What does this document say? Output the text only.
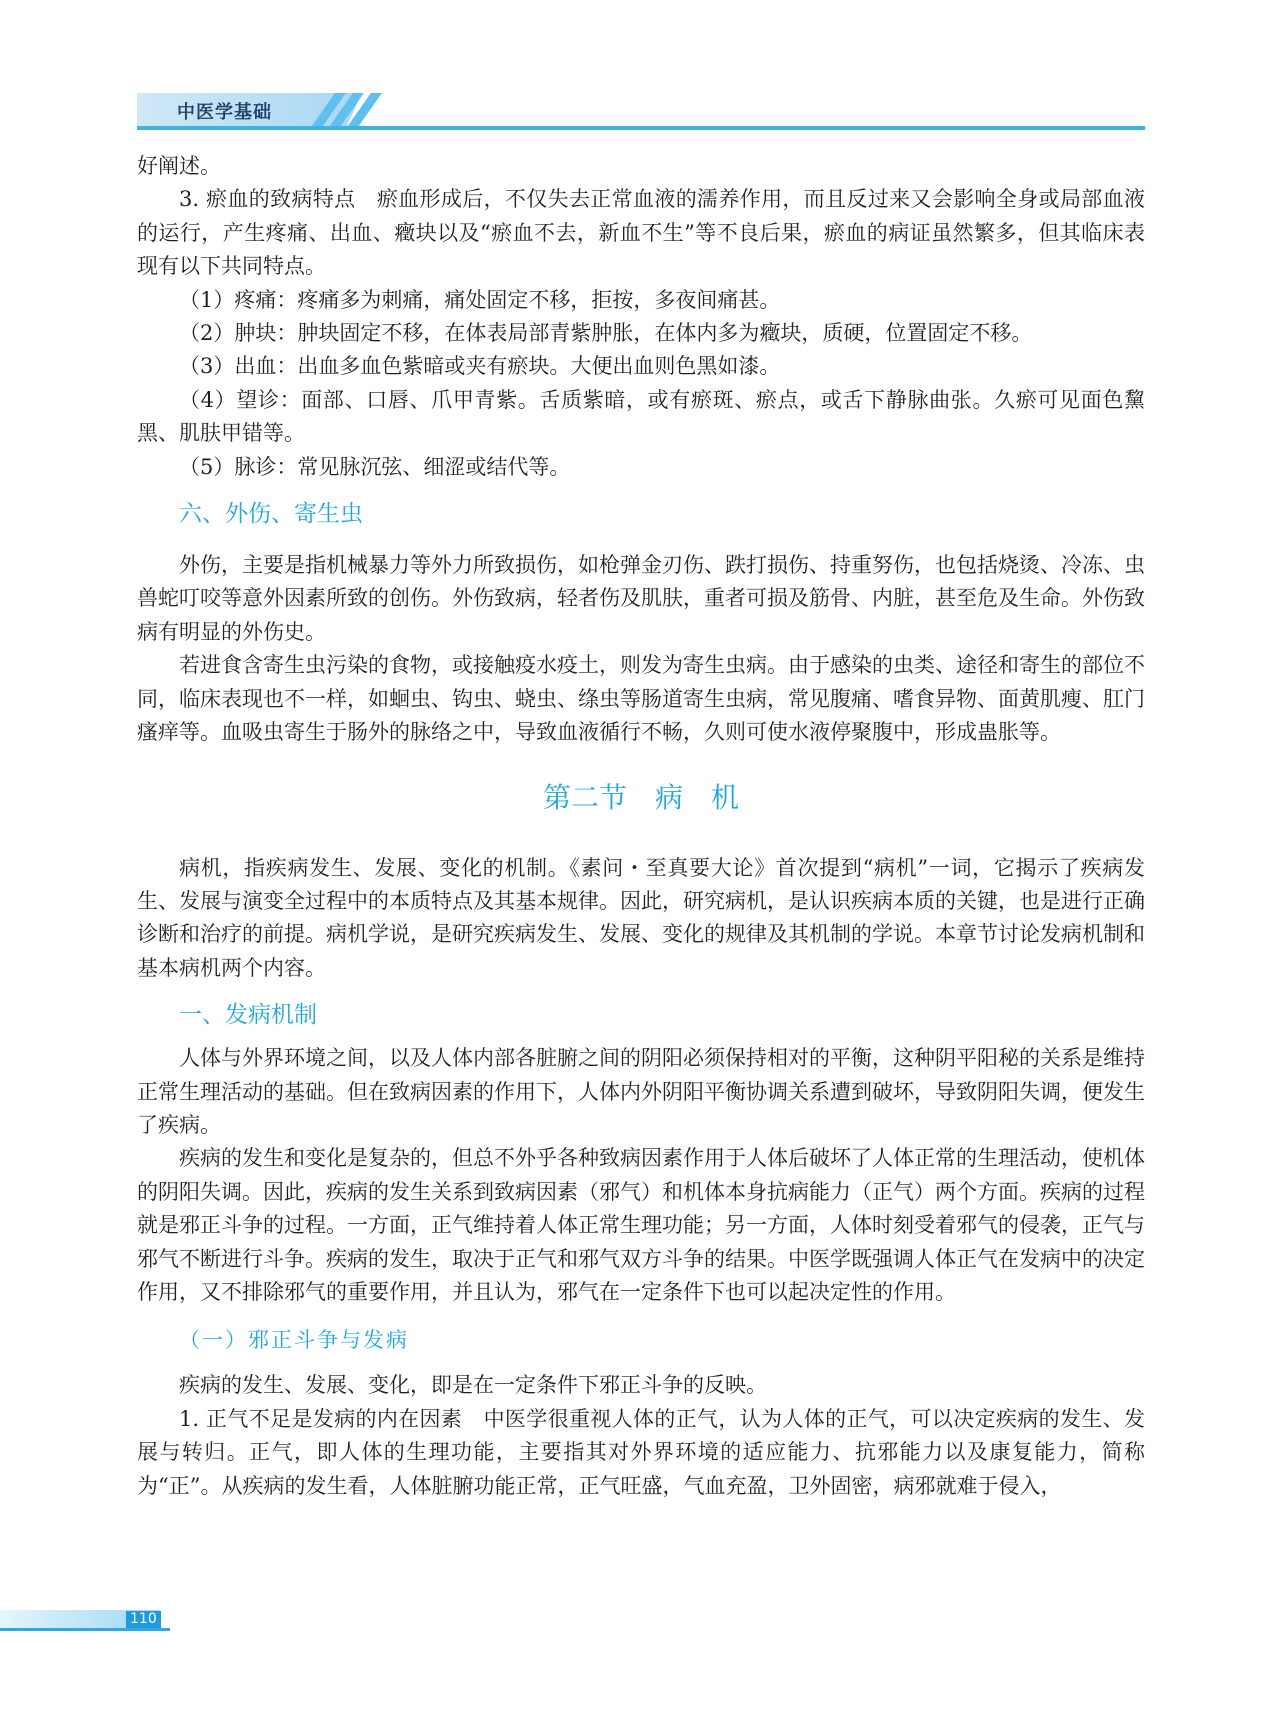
中医学基础

好阐述。

3. 瘀血的致病特点　瘀血形成后，不仅失去正常血液的濡养作用，而且反过来又会影响全身或局部血液的运行，产生疼痛、出血、癥块以及“瘀血不去，新血不生”等不良后果，瘀血的病证虽然繁多，但其临床表现有以下共同特点。

（1）疼痛：疼痛多为刺痛，痛处固定不移，拒按，多夜间痛甚。

（2）肿块：肿块固定不移，在体表局部青紫肿胀，在体内多为癥块，质硬，位置固定不移。

（3）出血：出血多血色紫暗或夹有瘀块。大便出血则色黑如漆。

（4）望诊：面部、口唇、爪甲青紫。舌质紫暗，或有瘀斑、瘀点，或舌下静脉曲张。久瘀可见面色黧黑、肌肤甲错等。

（5）脉诊：常见脉沉弦、细涩或结代等。

六、外伤、寄生虫

外伤，主要是指机械暴力等外力所致损伤，如枪弹金刃伤、跌打损伤、持重努伤，也包括烧烫、冷冻、虫兽蛇叮咬等意外因素所致的创伤。外伤致病，轻者伤及肌肤，重者可损及筋骨、内脏，甚至危及生命。外伤致病有明显的外伤史。

若进食含寄生虫污染的食物，或接触疫水疫土，则发为寄生虫病。由于感染的虫类、途径和寄生的部位不同，临床表现也不一样，如蛔虫、钩虫、蛲虫、绦虫等肠道寄生虫病，常见腹痛、嗜食异物、面黄肌瘦、肛门瘙痒等。血吸虫寄生于肠外的脉络之中，导致血液循行不畅，久则可使水液停聚腹中，形成蛊胀等。

第二节　病　机

病机，指疾病发生、发展、变化的机制。《素问・至真要大论》首次提到“病机”一词，它揭示了疾病发生、发展与演变全过程中的本质特点及其基本规律。因此，研究病机，是认识疾病本质的关键，也是进行正确诊断和治疗的前提。病机学说，是研究疾病发生、发展、变化的规律及其机制的学说。本章节讨论发病机制和基本病机两个内容。

一、发病机制

人体与外界环境之间，以及人体内部各脏腑之间的阴阳必须保持相对的平衡，这种阴平阳秘的关系是维持正常生理活动的基础。但在致病因素的作用下，人体内外阴阳平衡协调关系遭到破坏，导致阴阳失调，便发生了疾病。

疾病的发生和变化是复杂的，但总不外乎各种致病因素作用于人体后破坏了人体正常的生理活动，使机体的阴阳失调。因此，疾病的发生关系到致病因素（邪气）和机体本身抗病能力（正气）两个方面。疾病的过程就是邪正斗争的过程。一方面，正气维持着人体正常生理功能；另一方面，人体时刻受着邪气的侵袭，正气与邪气不断进行斗争。疾病的发生，取决于正气和邪气双方斗争的结果。中医学既强调人体正气在发病中的决定作用，又不排除邪气的重要作用，并且认为，邪气在一定条件下也可以起决定性的作用。

（一）邪正斗争与发病

疾病的发生、发展、变化，即是在一定条件下邪正斗争的反映。

1. 正气不足是发病的内在因素　中医学很重视人体的正气，认为人体的正气，可以决定疾病的发生、发展与转归。正气，即人体的生理功能，主要指其对外界环境的适应能力、抗邪能力以及康复能力，简称为“正”。从疾病的发生看，人体脏腑功能正常，正气旺盛，气血充盈，卫外固密，病邪就难于侵入，

110
